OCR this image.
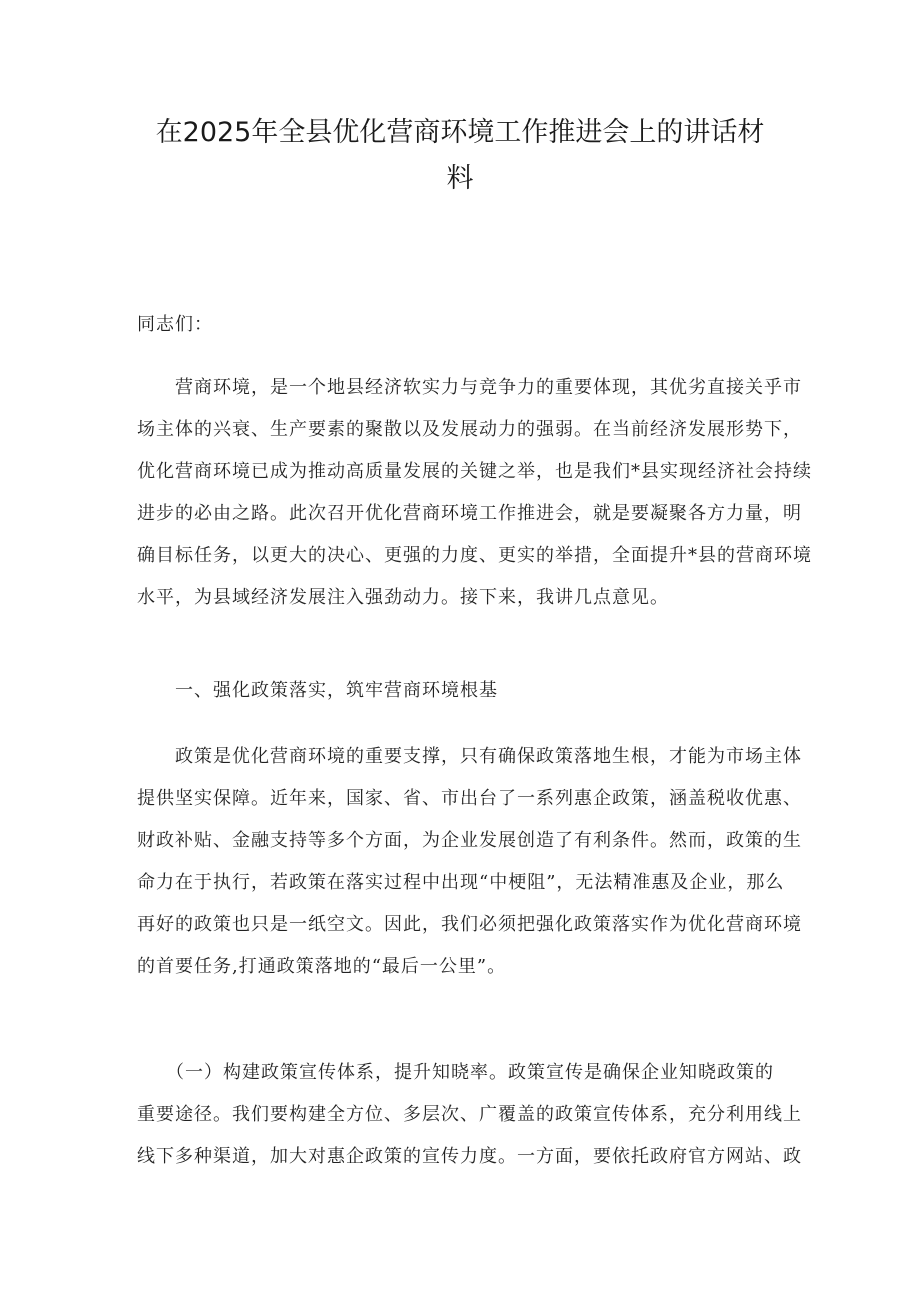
在2025年全县优化营商环境工作推进会上的讲话材
料

同志们：

　　营商环境，是一个地县经济软实力与竞争力的重要体现，其优劣直接关乎市
场主体的兴衰、生产要素的聚散以及发展动力的强弱。在当前经济发展形势下，
优化营商环境已成为推动高质量发展的关键之举，也是我们*县实现经济社会持续
进步的必由之路。此次召开优化营商环境工作推进会，就是要凝聚各方力量，明
确目标任务，以更大的决心、更强的力度、更实的举措，全面提升*县的营商环境
水平，为县域经济发展注入强劲动力。接下来，我讲几点意见。

　　一、强化政策落实，筑牢营商环境根基

　　政策是优化营商环境的重要支撑，只有确保政策落地生根，才能为市场主体
提供坚实保障。近年来，国家、省、市出台了一系列惠企政策，涵盖税收优惠、
财政补贴、金融支持等多个方面，为企业发展创造了有利条件。然而，政策的生
命力在于执行，若政策在落实过程中出现“中梗阻”，无法精准惠及企业，那么
再好的政策也只是一纸空文。因此，我们必须把强化政策落实作为优化营商环境
的首要任务,打通政策落地的“最后一公里”。

　　（一）构建政策宣传体系，提升知晓率。政策宣传是确保企业知晓政策的
重要途径。我们要构建全方位、多层次、广覆盖的政策宣传体系，充分利用线上
线下多种渠道，加大对惠企政策的宣传力度。一方面，要依托政府官方网站、政
